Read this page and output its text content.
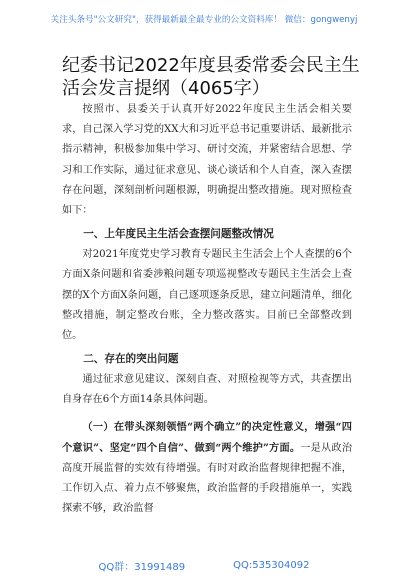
关注头条号"公文研究"，获得最新最全最专业的公文资料库！ 微信：gongwenyj
纪委书记2022年度县委常委会民主生活会发言提纲（4065字）

按照市、县委关于认真开好2022年度民主生活会相关要求，自己深入学习党的XX大和习近平总书记重要讲话、最新批示指示精神，积极参加集中学习、研讨交流，并紧密结合思想、学习和工作实际，通过征求意见、谈心谈话和个人自查，深入查摆存在问题，深刻剖析问题根源，明确提出整改措施。现对照检查如下：

一、上年度民主生活会查摆问题整改情况

对2021年度党史学习教育专题民主生活会上个人查摆的6个方面X条问题和省委涉粮问题专项巡视整改专题民主生活会上查摆的X个方面X条问题，自己逐项逐条反思，建立问题清单，细化整改措施，制定整改台账，全力整改落实。目前已全部整改到位。

二、存在的突出问题

通过征求意见建议、深刻自查、对照检视等方式，共查摆出自身存在6个方面14条具体问题。

（一）在带头深刻领悟“两个确立”的决定性意义，增强“四个意识”、坚定“四个自信”、做到“两个维护”方面。一是从政治高度开展监督的实效有待增强。有时对政治监督规律把握不准，工作切入点、着力点不够聚焦，政治监督的手段措施单一，实践探索不够，政治监督

QQ群：31991489	QQ:535304092
